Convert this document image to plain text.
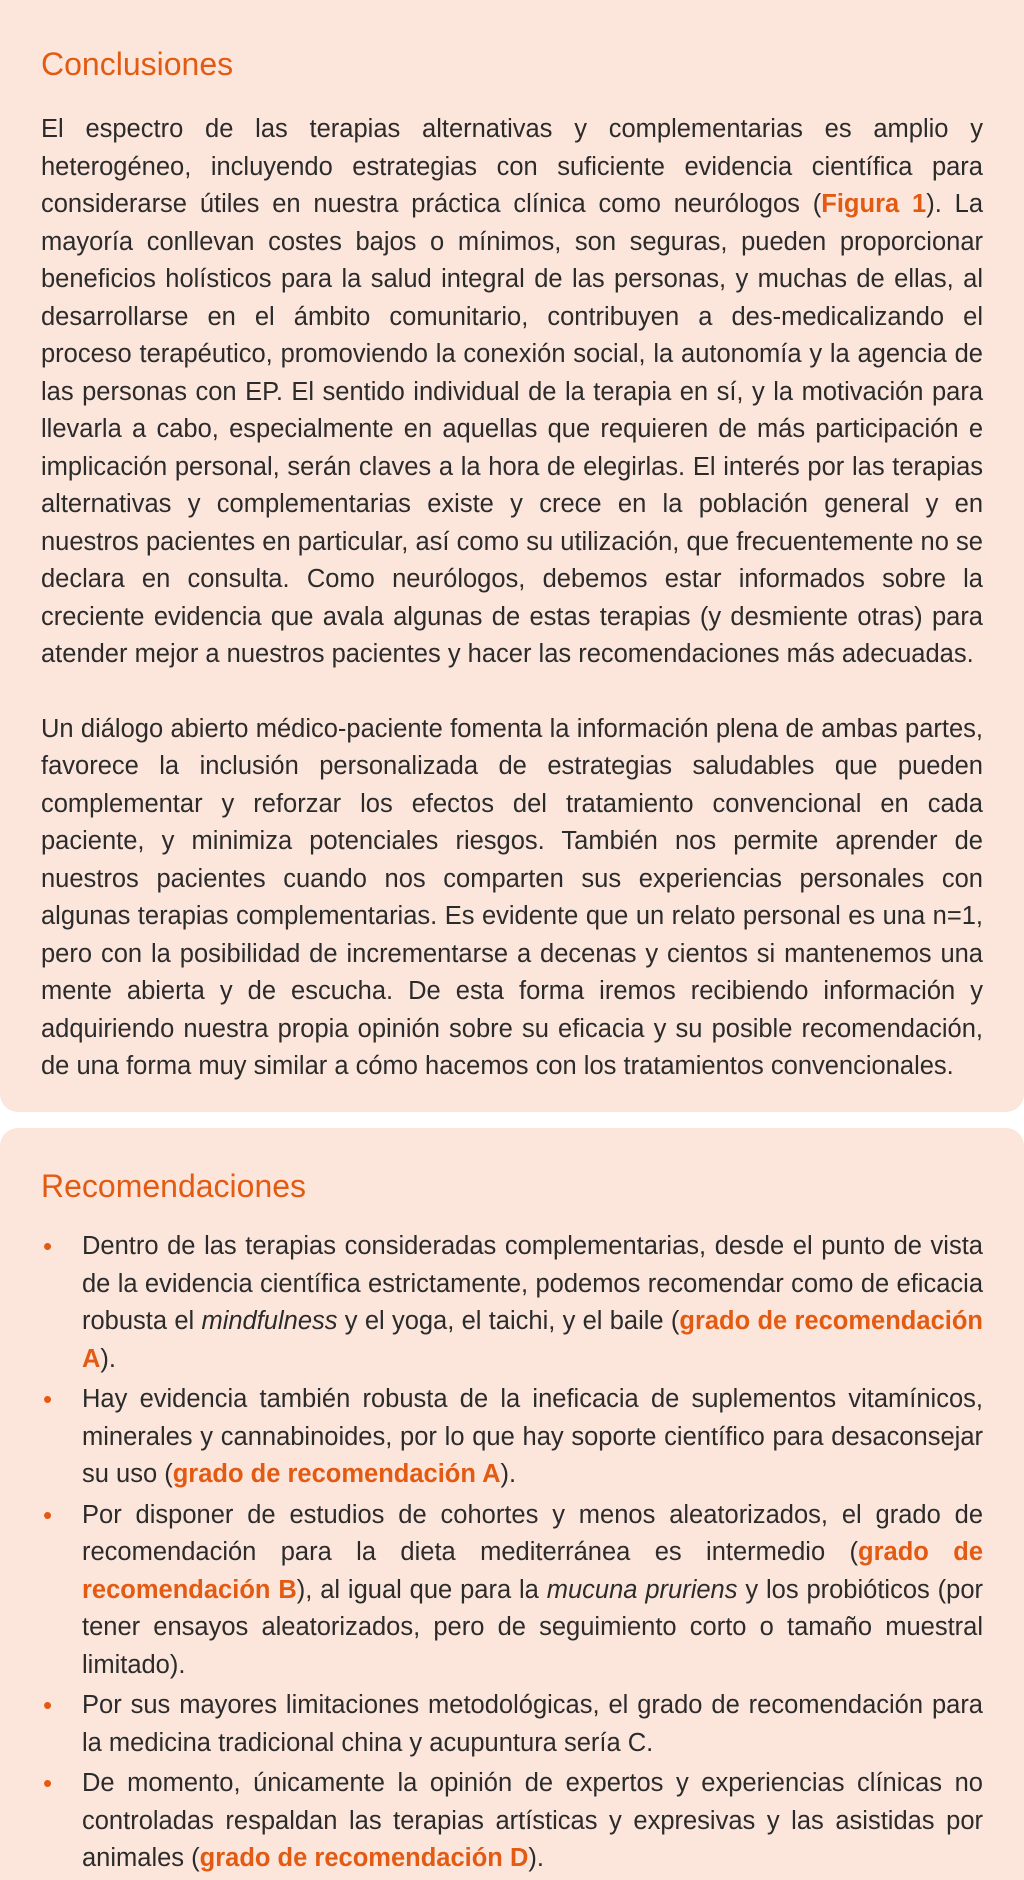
Conclusiones

El espectro de las terapias alternativas y complementarias es amplio y heterogéneo, incluyendo estrategias con suficiente evidencia científica para considerarse útiles en nuestra práctica clínica como neurólogos (Figura 1). La mayoría conllevan costes bajos o mínimos, son seguras, pueden proporcionar beneficios holísticos para la salud integral de las personas, y muchas de ellas, al desarrollarse en el ámbito comunitario, contribuyen a des-medicalizando el proceso terapéutico, promoviendo la conexión social, la autonomía y la agencia de las personas con EP. El sentido individual de la terapia en sí, y la motivación para llevarla a cabo, especialmente en aquellas que requieren de más participación e implicación personal, serán claves a la hora de elegirlas. El interés por las terapias alternativas y complementarias existe y crece en la población general y en nuestros pacientes en particular, así como su utilización, que frecuentemente no se declara en consulta. Como neurólogos, debemos estar informados sobre la creciente evidencia que avala algunas de estas terapias (y desmiente otras) para atender mejor a nuestros pacientes y hacer las recomendaciones más adecuadas.

Un diálogo abierto médico-paciente fomenta la información plena de ambas partes, favorece la inclusión personalizada de estrategias saludables que pueden complementar y reforzar los efectos del tratamiento convencional en cada paciente, y minimiza potenciales riesgos. También nos permite aprender de nuestros pacientes cuando nos comparten sus experiencias personales con algunas terapias complementarias. Es evidente que un relato personal es una n=1, pero con la posibilidad de incrementarse a decenas y cientos si mantenemos una mente abierta y de escucha. De esta forma iremos recibiendo información y adquiriendo nuestra propia opinión sobre su eficacia y su posible recomendación, de una forma muy similar a cómo hacemos con los tratamientos convencionales.

Recomendaciones
• Dentro de las terapias consideradas complementarias, desde el punto de vista de la evidencia científica estrictamente, podemos recomendar como de eficacia robusta el mindfulness y el yoga, el taichi, y el baile (grado de recomendación A).
• Hay evidencia también robusta de la ineficacia de suplementos vitamínicos, minerales y cannabinoides, por lo que hay soporte científico para desaconsejar su uso (grado de recomendación A).
• Por disponer de estudios de cohortes y menos aleatorizados, el grado de recomendación para la dieta mediterránea es intermedio (grado de recomendación B), al igual que para la mucuna pruriens y los probióticos (por tener ensayos aleatorizados, pero de seguimiento corto o tamaño muestral limitado).
• Por sus mayores limitaciones metodológicas, el grado de recomendación para la medicina tradicional china y acupuntura sería C.
• De momento, únicamente la opinión de expertos y experiencias clínicas no controladas respaldan las terapias artísticas y expresivas y las asistidas por animales (grado de recomendación D).
